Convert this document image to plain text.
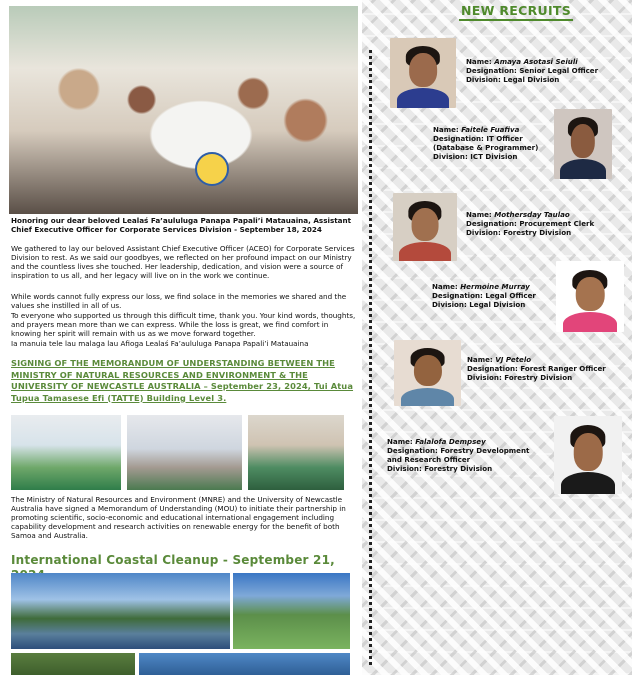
Honoring our dear beloved Lealaś Fa’aululuga Panapa Papali’i Matauaina, Assistant Chief Executive Officer for Corporate Services Division - September 18, 2024

We gathered to lay our beloved Assistant Chief Executive Officer (ACEO) for Corporate Services Division to rest. As we said our goodbyes, we reflected on her profound impact on our Ministry and the countless lives she touched. Her leadership, dedication, and vision were a source of inspiration to us all, and her legacy will live on in the work we continue.

While words cannot fully express our loss, we find solace in the memories we shared and the values she instilled in all of us.

To everyone who supported us through this difficult time, thank you. Your kind words, thoughts, and prayers mean more than we can express. While the loss is great, we find comfort in knowing her spirit will remain with us as we move forward together.

Ia manuia tele lau malaga lau Afioga Lealaś Fa’aululuga Panapa Papali’i Matauaina

SIGNING OF THE MEMORANDUM OF UNDERSTANDING BETWEEN THE MINISTRY OF NATURAL RESOURCES AND ENVIRONMENT & THE UNIVERSITY OF NEWCASTLE AUSTRALIA – September 23, 2024, Tui Atua Tupua Tamasese Efi (TATTE) Building Level 3.

The Ministry of Natural Resources and Environment (MNRE) and the University of Newcastle Australia have signed a Memorandum of Understanding (MOU) to initiate their partnership in promoting scientific, socio-economic and educational international engagement including capability development and research activities on renewable energy for the benefit of both Samoa and Australia.

International Coastal Cleanup - September 21,

NEW RECRUITS
Name: Amaya Asotasi Seiuli
Designation: Senior Legal Officer
Division: Legal Division
Name: Faitele Fuafiva
Designation: IT Officer
(Database & Programmer)
Division: ICT Division
Name: Mothersday Taulao
Designation: Procurement Clerk
Division: Forestry Division
Name: Hermoine Murray
Designation: Legal Officer
Division: Legal Division
Name: VJ Petelo
Designation: Forest Ranger Officer
Division: Forestry Division
Name: Falalofa Dempsey
Designation: Forestry Development
and Research Officer
Division: Forestry Division
